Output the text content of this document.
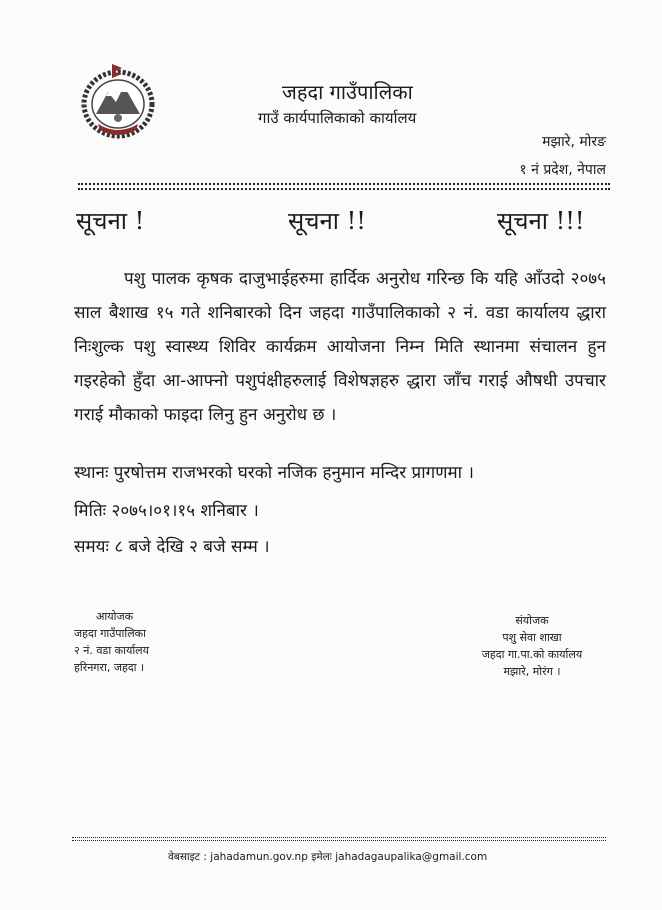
जहदा गाउँपालिका
गाउँ कार्यपालिकाको कार्यालय
मझारे, मोरङ
१ नं प्रदेश, नेपाल
सूचना !	सूचना !!	सूचना !!!

पशु पालक कृषक दाजुभाईहरुमा हार्दिक अनुरोध गरिन्छ कि यहि आँउदो २०७५ साल बैशाख १५ गते शनिबारको दिन जहदा गाउँपालिकाको २ नं. वडा कार्यालय द्धारा निःशुल्क पशु स्वास्थ्य शिविर कार्यक्रम आयोजना निम्न मिति स्थानमा संचालन हुन गइरहेको हुँदा आ-आफ्नो पशुपंक्षीहरुलाई विशेषज्ञहरु द्धारा जाँच गराई औषधी उपचार गराई मौकाको फाइदा लिनु हुन अनुरोध छ ।

स्थानः पुरषोत्तम राजभरको घरको नजिक हनुमान मन्दिर प्रागणमा ।
मितिः २०७५।०१।१५ शनिबार ।
समयः ८ बजे देखि २ बजे सम्म ।
आयोजक
जहदा गाउँपालिका
२ नं. वडा कार्यालय
हरिनगरा, जहदा ।
संयोजक
पशु सेवा शाखा
जहदा गा.पा.को कार्यालय
मझारे, मोरंग ।
वेबसाइट : jahadamun.gov.np इमेलः jahadagaupalika@gmail.com
